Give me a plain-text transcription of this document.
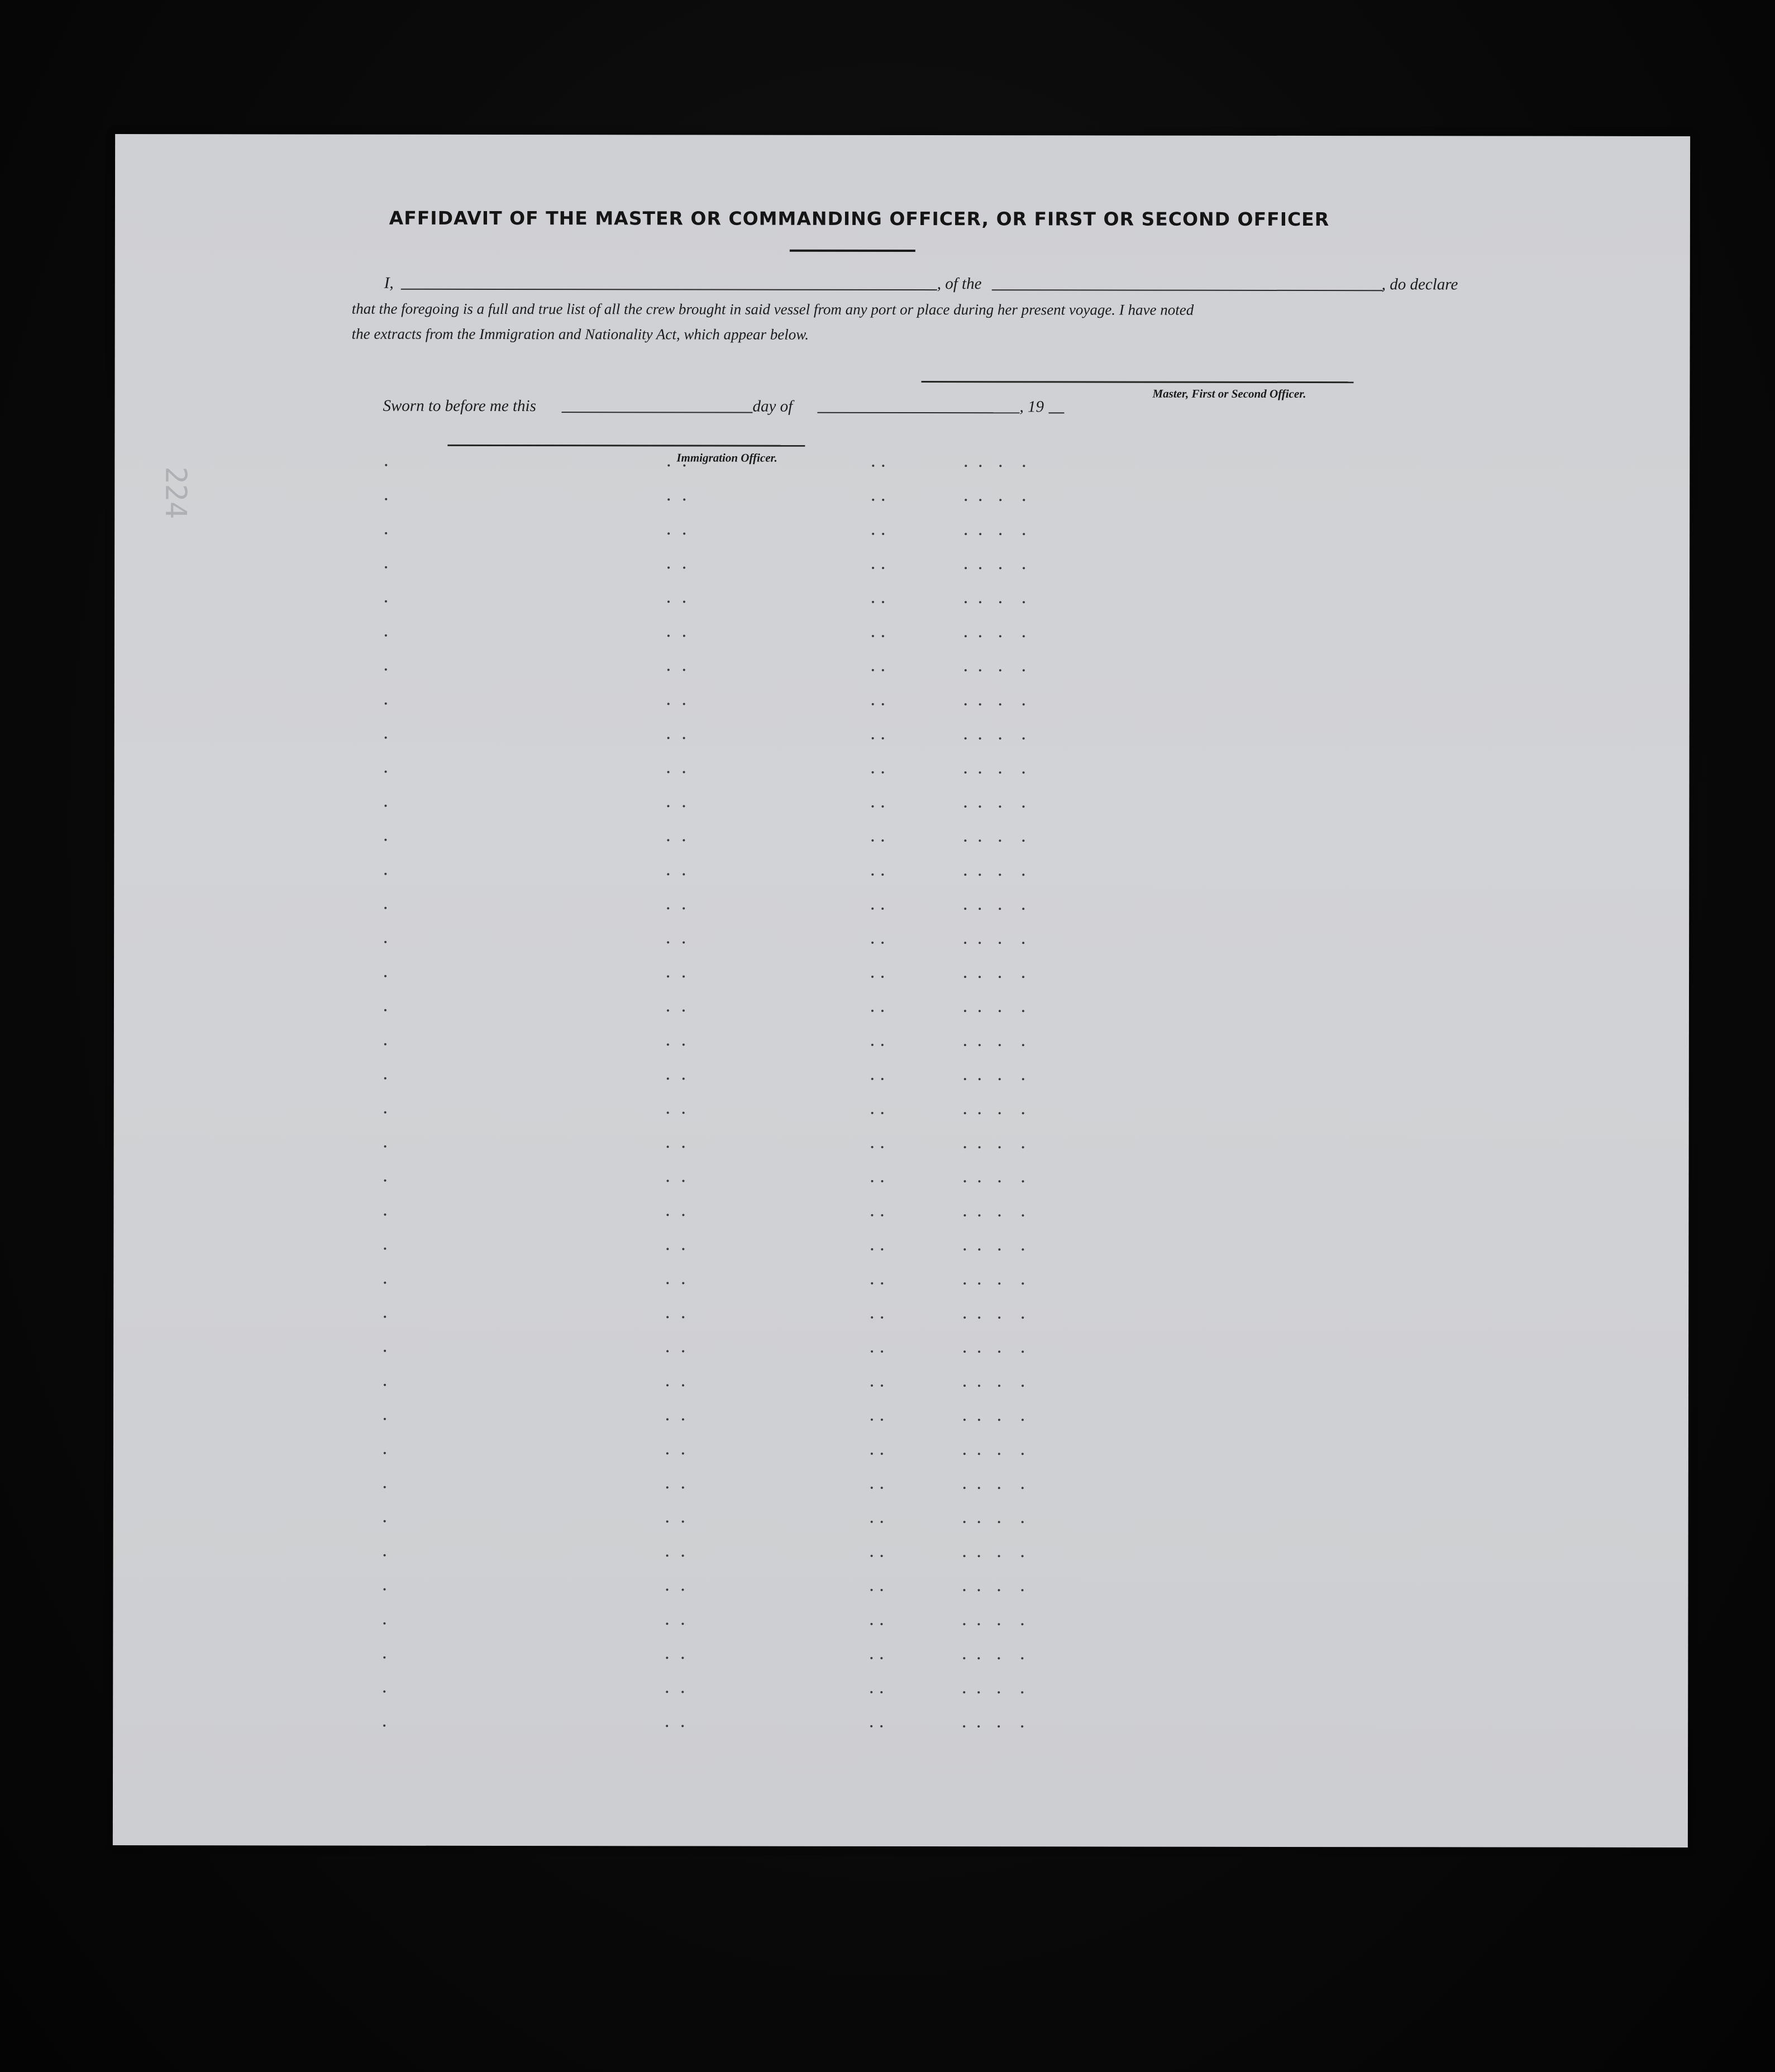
224
AFFIDAVIT OF THE MASTER OR COMMANDING OFFICER, OR FIRST OR SECOND OFFICER
I,	, of the	, do declare
that the foregoing is a full and true list of all the crew brought in said vessel from any port or place during her present voyage. I have noted
the extracts from the Immigration and Nationality Act, which appear below.
Master, First or Second Officer.
Sworn to before me this	day of	, 19
Immigration Officer.
